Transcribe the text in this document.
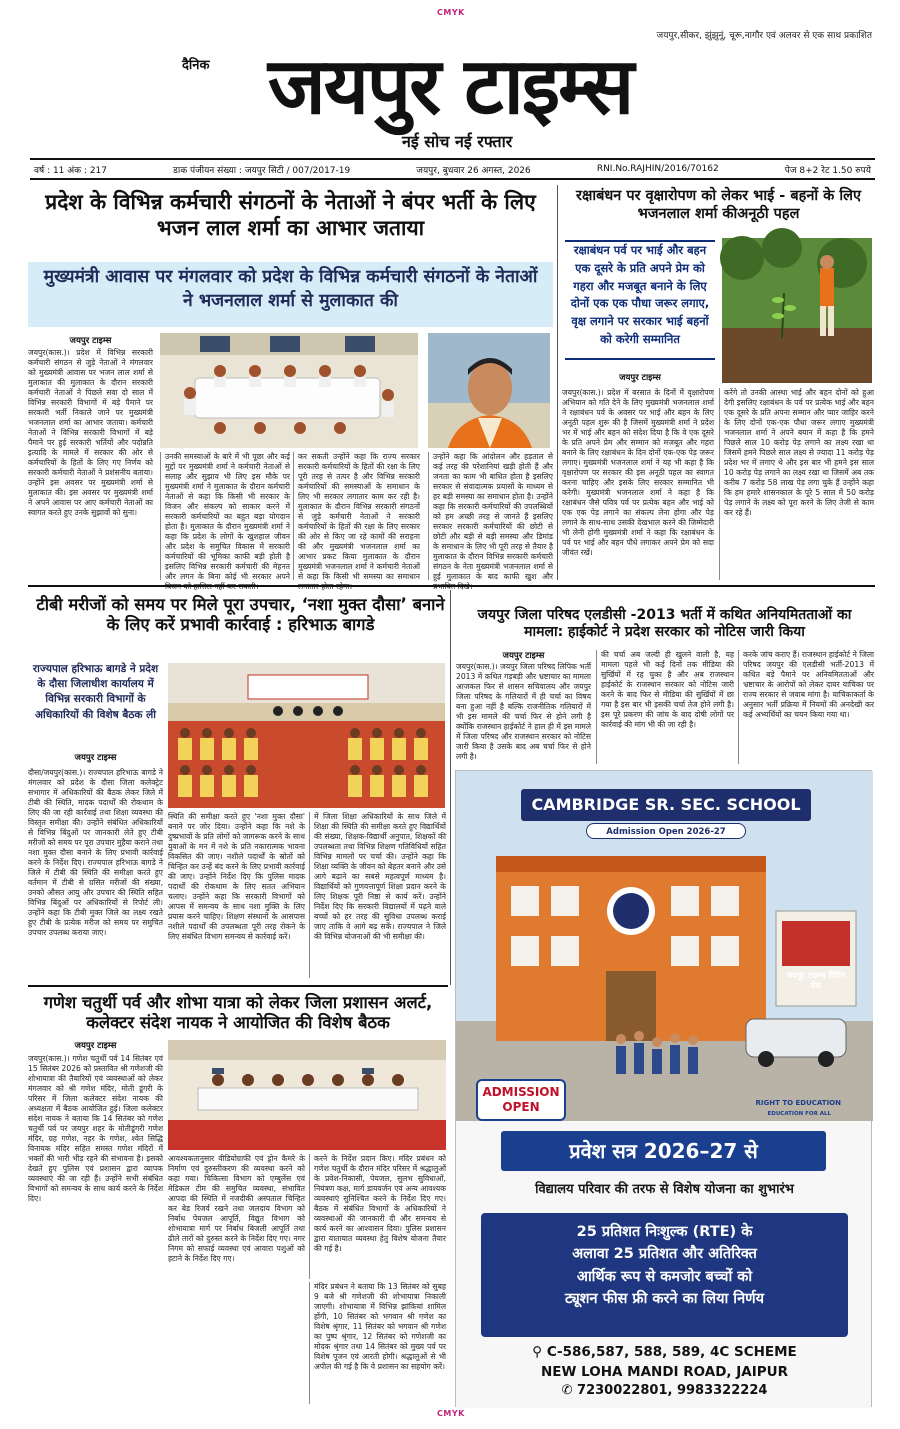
CMYK
CMYK
जयपुर,सीकर, झुंझुनूं, चूरू,नागौर एवं अलवर से एक साथ प्रकाशित
दैनिक जयपुर टाइम्स
नई सोच नई रफ्तार
वर्ष : 11 अंक : 217	डाक पंजीयन संख्या : जयपुर सिटी / 007/2017-19	जयपुर, बुधवार 26 अगस्त, 2026	RNI.No.RAJHIN/2016/70162	पेज 8+2 रेट 1.50 रुपये
प्रदेश के विभिन्न कर्मचारी संगठनों के नेताओं ने बंपर भर्ती के लिए भजन लाल शर्मा का आभार जताया
मुख्यमंत्री आवास पर मंगलवार को प्रदेश के विभिन्न कर्मचारी संगठनों के नेताओं ने भजनलाल शर्मा से मुलाकात की
जयपुर टाइम्स
जयपुर(कास.)। प्रदेश में विभिन्न सरकारी कर्मचारी संगठन से जुड़े नेताओं ने मंगलवार को मुख्यमंत्री आवास पर भजन लाल शर्मा से मुलाकात की मुलाकात के दौरान सरकारी कर्मचारी नेताओं ने पिछले सवा दो साल में विभिन्न सरकारी विभागों में बड़े पैमाने पर सरकारी भर्ती निकाले जाने पर मुख्यमंत्री भजनलाल शर्मा का आभार जताया। कर्मचारी नेताओं ने विभिन्न सरकारी विभागों में बड़े पैमाने पर हुई सरकारी भर्तियों और पदोन्नति इत्यादि के मामले में सरकार की ओर से कर्मचारियों के हितों के लिए गए निर्णय को सरकारी कर्मचारी नेताओं ने प्रशंसनीय बताया। उन्होंने इस अवसर पर मुख्यमंत्री शर्मा से मुलाकात की। इस अवसर पर मुख्यमंत्री शर्मा ने अपने आवास पर आए कर्मचारी नेताओं का स्वागत करते हुए उनके सुझावों को सुना।
उनकी समस्याओं के बारे में भी पूछा और कई मुद्दों पर मुख्यमंत्री शर्मा ने कर्मचारी नेताओं से सलाह और सुझाव भी लिए इस मौके पर मुख्यमंत्री शर्मा ने मुलाकात के दौरान कर्मचारी नेताओं से कहा कि किसी भी सरकार के विजन और संकल्प को साकार करने में सरकारी कर्मचारियों का बहुत बड़ा योगदान होता है। मुलाकात के दौरान मुख्यमंत्री शर्मा ने कहा कि प्रदेश के लोगों के खुशहाल जीवन और प्रदेश के समुचित विकास में सरकारी कर्मचारियों की भूमिका काफी बड़ी होती है इसलिए विभिन्न सरकारी कर्मचारी की मेहनत और लगन के बिना कोई भी सरकार अपने
कर सकती उन्होंने कहा कि राज्य सरकार सरकारी कर्मचारियों के हितों की रक्षा के लिए पूरी तरह से तत्पर है और विभिन्न सरकारी कर्मचारियों की समस्याओं के समाधान के लिए भी सरकार लगातार काम कर रही है। मुलाकात के दौरान विभिन्न सरकारी संगठनों से जुड़े कर्मचारी नेताओं ने सरकारी कर्मचारियों के हितों की रक्षा के लिए सरकार की ओर से किए जा रहे कामों की सराहना की और मुख्यमंत्री भजनलाल शर्मा का आभार प्रकट किया मुलाकात के दौरान मुख्यमंत्री भजनलाल शर्मा ने कर्मचारी नेताओं से कहा कि किसी भी समस्या का समाधान
उन्होंने कहा कि आंदोलन और हड़ताल से कई तरह की परेशानियां खड़ी होती हैं और जनता का काम भी बाधित होता है इसलिए सरकार से संवादात्मक प्रयासों के माध्यम से हर बड़ी समस्या का समाधान होता है। उन्होंने कहा कि सरकारी कर्मचारियों की उपलब्धियों को हम अच्छी तरह से जानते हैं इसलिए सरकार सरकारी कर्मचारियों की छोटी से छोटी और बड़ी से बड़ी समस्या और डिमांड के समाधान के लिए भी पूरी तरह से तैयार है मुलाकात के दौरान विभिन्न सरकारी कर्मचारी संगठन के नेता मुख्यमंत्री भजनलाल शर्मा से हुई मुलाकात के बाद काफी खुश और
रक्षाबंधन पर वृक्षारोपण को लेकर भाई - बहनों के लिए भजनलाल शर्मा कीअनूठी पहल
रक्षाबंधन पर्व पर भाई और बहन एक दूसरे के प्रति अपने प्रेम को गहरा और मजबूत बनाने के लिए दोनों एक एक पौधा जरूर लगाए, वृक्ष लगाने पर सरकार भाई बहनों को करेगी सम्मानित
जयपुर टाइम्स
जयपुर(कास.)। प्रदेश में बरसात के दिनों में वृक्षारोपण अभियान को गति देने के लिए मुख्यमंत्री भजनलाल शर्मा ने रक्षाबंधन पर्व के अवसर पर भाई और बहन के लिए अनूठी पहल शुरू की है जिसमें मुख्यमंत्री शर्मा ने प्रदेश भर में भाई और बहन को संदेश दिया है कि वे एक दूसरे के प्रति अपने प्रेम और सम्मान को मजबूत और गहरा बनाने के लिए रक्षाबंधन के दिन दोनों एक-एक पेड़ जरूर लगाए। मुख्यमंत्री भजनलाल शर्मा ने यह भी कहा है कि वृक्षारोपण पर सरकार की इस अनूठी पहल का स्वागत करना चाहिए और इसके लिए सरकार सम्मानित भी करेगी। मुख्यमंत्री भजनलाल शर्मा ने कहा है कि रक्षाबंधन जैसे पवित्र पर्व पर प्रत्येक बहन और भाई को एक एक पेड़ लगाने का संकल्प लेना होगा और पेड़ लगाने के साथ-साथ उसकी देखभाल करने की जिम्मेदारी भी लेनी होगी मुख्यमंत्री शर्मा ने कहा कि रक्षाबंधन के पर्व पर भाई और बहन पौधे लगाकर अपने प्रेम को सदा जीवंत रखें।
करेंगे तो उनकी आस्था भाई और बहन दोनों को हुआ देगी इसलिए रक्षाबंधन के पर्व पर प्रत्येक भाई और बहन एक दूसरे के प्रति अपना सम्मान और प्यार जाहिर करने के लिए दोनों एक-एक पौधा जरूर लगाए मुख्यमंत्री भजनलाल शर्मा ने अपने बयान में कहा है कि हमने पिछले साल 10 करोड़ पेड़ लगाने का लक्ष्य रखा था जिसमें हमने पिछले साल लक्ष्य से ज्यादा 11 करोड़ पेड़ प्रदेश भर में लगाए थे और इस बार भी हमने इस साल 10 करोड़ पेड़ लगाने का लक्ष्य रखा था जिसमें अब तक करीब 7 करोड़ 58 लाख पेड़ लगा चुके हैं उन्होंने कहा कि हम हमारे शासनकाल के पूरे 5 साल में 50 करोड़ पेड़ लगाने के लक्ष्य को पूरा करने के लिए तेजी से काम कर रहे हैं।
टीबी मरीजों को समय पर मिले पूरा उपचार, ‘नशा मुक्त दौसा’ बनाने के लिए करें प्रभावी कार्रवाई : हरिभाऊ बागडे
राज्यपाल हरिभाऊ बागडे ने प्रदेश के दौसा जिलाधीश कार्यालय में विभिन्न सरकारी विभागों के अधिकारियों की विशेष बैठक ली
जयपुर टाइम्स
दौसा/जयपुर(कास.)। राज्यपाल हरिभाऊ बागडे ने मंगलवार को प्रदेश के दौसा जिला कलेक्ट्रेट सभागार में अधिकारियों की बैठक लेकर जिले में टीबी की स्थिति, मादक पदार्थों की रोकथाम के लिए की जा रही कार्रवाई तथा शिक्षा व्यवस्था की विस्तृत समीक्षा की। उन्होंने संबंधित अधिकारियों से विभिन्न बिंदुओं पर जानकारी लेते हुए टीबी मरीजों को समय पर पूरा उपचार मुहैया कराने तथा नशा मुक्त दौसा बनाने के लिए प्रभावी कार्रवाई करने के निर्देश दिए। राज्यपाल हरिभाऊ बागडे ने जिले में टीबी की स्थिति की समीक्षा करते हुए वर्तमान में टीबी से ग्रसित मरीजों की संख्या, उनको औसत आयु और उपचार की स्थिति सहित विभिन्न बिंदुओं पर अधिकारियों से रिपोर्ट ली। उन्होंने कहा कि टीबी मुक्त जिले का लक्ष्य रखते हुए टीबी के प्रत्येक मरीज को समय पर समुचित उपचार उपलब्ध कराया जाए।
स्थिति की समीक्षा करते हुए 'नशा मुक्त दौसा' बनाने पर जोर दिया। उन्होंने कहा कि नशे के दुष्प्रभावों के प्रति लोगों को जागरूक करने के साथ युवाओं के मन में नशे के प्रति नकारात्मक भावना विकसित की जाए। नशीले पदार्थों के स्रोतों को चिन्हित कर उन्हें बंद करने के लिए प्रभावी कार्रवाई की जाए। उन्होंने निर्देश दिए कि पुलिस मादक पदार्थों की रोकथाम के लिए सतत अभियान चलाए। उन्होंने कहा कि सरकारी विभागों को आपस में समन्वय के साथ नशा मुक्ति के लिए प्रयास करने चाहिए। शिक्षण संस्थानों के आसपास नशीले पदार्थों की उपलब्धता पूरी तरह रोकने के लिए संबंधित विभाग समन्वय से कार्रवाई करें।
में जिला शिक्षा अधिकारियों के साथ जिले में शिक्षा की स्थिति की समीक्षा करते हुए विद्यार्थियों की संख्या, शिक्षक-विद्यार्थी अनुपात, शिक्षकों की उपलब्धता तथा विभिन्न शिक्षण गतिविधियों सहित विभिन्न मामलों पर चर्चा की। उन्होंने कहा कि शिक्षा व्यक्ति के जीवन को बेहतर बनाने और उसे आगे बढ़ाने का सबसे महत्वपूर्ण माध्यम है। विद्यार्थियों को गुणवत्तापूर्ण शिक्षा प्रदान करने के लिए शिक्षक पूरी निष्ठा से कार्य करें। उन्होंने निर्देश दिए कि सरकारी विद्यालयों में पढ़ने वाले बच्चों को हर तरह की सुविधा उपलब्ध कराई जाए ताकि वे आगे बढ़ सकें। राज्यपाल ने जिले की विभिन्न योजनाओं की भी समीक्षा की।
जयपुर जिला परिषद एलडीसी -2013 भर्ती में कथित अनियमितताओं का मामला: हाईकोर्ट ने प्रदेश सरकार को नोटिस जारी किया
जयपुर टाइम्स
जयपुर(कास.)। जयपुर जिला परिषद लिपिक भर्ती 2013 में कथित गड़बड़ी और भ्रष्टाचार का मामला आजकल फिर से शासन सचिवालय और जयपुर जिला परिषद के गलियारों में ही चर्चा का विषय बना हुआ नहीं है बल्कि राजनीतिक गलियारों में भी इस मामले की चर्चा फिर से होने लगी है क्योंकि राजस्थान हाईकोर्ट ने हाल ही में इस मामले में जिला परिषद और राजस्थान सरकार को नोटिस जारी किया है उसके बाद अब चर्चा फिर से होने लगी है।
की चर्चा अब जल्दी ही खुलने वाली है, यह मामला पहले भी कई दिनों तक मीडिया की सुर्खियों में रह चुका है और अब राजस्थान हाईकोर्ट के राजस्थान सरकार को नोटिस जारी करने के बाद फिर से मीडिया की सुर्खियों में छा गया है इस बार भी इसकी चर्चा तेज होने लगी है। इस पूरे प्रकरण की जांच के बाद दोषी लोगों पर कार्रवाई की मांग भी की जा रही है।
करके जांच कराए हैं। राजस्थान हाईकोर्ट ने जिला परिषद जयपुर की एलडीसी भर्ती-2013 में कथित बड़े पैमाने पर अनियमितताओं और भ्रष्टाचार के आरोपों को लेकर दायर याचिका पर राज्य सरकार से जवाब मांगा है। याचिकाकर्ता के अनुसार भर्ती प्रक्रिया में नियमों की अनदेखी कर कई अभ्यर्थियों का चयन किया गया था।
गणेश चतुर्थी पर्व और शोभा यात्रा को लेकर जिला प्रशासन अलर्ट, कलेक्टर संदेश नायक ने आयोजित की विशेष बैठक
जयपुर टाइम्स
जयपुर(कास.)। गणेश चतुर्थी पर्व 14 सितंबर एवं 15 सितंबर 2026 को प्रस्तावित श्री गणेशजी की शोभायात्रा की तैयारियों एवं व्यवस्थाओं को लेकर मंगलवार को श्री गणेश मंदिर, मोती डूंगरी के परिसर में जिला कलेक्टर संदेश नायक की अध्यक्षता में बैठक आयोजित हुई। जिला कलेक्टर संदेश नायक ने बताया कि 14 सितंबर को गणेश चतुर्थी पर्व पर जयपुर शहर के मोतीडूंगरी गणेश मंदिर, ग्रह गणेश, नहर के गणेश, श्वेत सिद्धि विनायक मंदिर सहित समस्त गणेश मंदिरों में भक्तों की भारी भीड़ रहने की संभावना है। इसको देखते हुए पुलिस एवं प्रशासन द्वारा व्यापक व्यवस्थाएं की जा रही हैं। उन्होंने सभी संबंधित विभागों को समन्वय के साथ कार्य करने के निर्देश दिए।
आवश्यकतानुसार वीडियोग्राफी एवं ड्रोन कैमरे के निर्माण एवं दुरुस्तीकरण की व्यवस्था करने को कहा गया। चिकित्सा विभाग को एम्बुलेंस एवं मेडिकल टीम की समुचित व्यवस्था, संभावित आपदा की स्थिति में नजदीकी अस्पताल चिन्हित कर बेड रिजर्व रखने तथा जलदाय विभाग को निर्बाध पेयजल आपूर्ति, विद्युत विभाग को शोभायात्रा मार्ग पर निर्बाध बिजली आपूर्ति तथा ढीले तारों को दुरुस्त करने के निर्देश दिए गए। नगर निगम को सफाई व्यवस्था एवं आवारा पशुओं को हटाने के निर्देश दिए गए।
करने के निर्देश प्रदान किए। मंदिर प्रबंधन को गणेश चतुर्थी के दौरान मंदिर परिसर में श्रद्धालुओं के प्रवेश-निकासी, पेयजल, सुलभ सुविधाओं, नियंत्रण कक्ष, मार्ग डायवर्जन एवं अन्य आवश्यक व्यवस्थाएं सुनिश्चित करने के निर्देश दिए गए। बैठक में संबंधित विभागों के अधिकारियों ने व्यवस्थाओं की जानकारी दी और समन्वय से कार्य करने का आश्वासन दिया। पुलिस प्रशासन द्वारा यातायात व्यवस्था हेतु विशेष योजना तैयार की गई है।
मंदिर प्रबंधन ने बताया कि 13 सितंबर को सुबह 9 बजे श्री गणेशजी की शोभायात्रा निकाली जाएगी। शोभायात्रा में विभिन्न झांकियां शामिल होंगी, 10 सितंबर को भगवान श्री गणेश का विशेष श्रृंगार, 11 सितंबर को भगवान श्री गणेश का पुष्प श्रृंगार, 12 सितंबर को गणेशजी का मोदक श्रृंगार तथा 14 सितंबर को मुख्य पर्व पर विशेष पूजन एवं आरती होगी। श्रद्धालुओं से भी अपील की गई है कि वे प्रशासन का सहयोग करें।
CAMBRIDGE SR. SEC. SCHOOL
Admission Open 2026-27
जयपुर टाइम्स प्रिंटिंग प्रेस
ADMISSION OPEN	RIGHT TO EDUCATION
EDUCATION FOR ALL
प्रवेश सत्र 2026–27 से
विद्यालय परिवार की तरफ से विशेष योजना का शुभारंभ
25 प्रतिशत निःशुल्क (RTE) के
अलावा 25 प्रतिशत और अतिरिक्त
आर्थिक रूप से कमजोर बच्चों को
ट्यूशन फीस फ्री करने का लिया निर्णय
⚲ C-586,587, 588, 589, 4C SCHEME
NEW LOHA MANDI ROAD, JAIPUR
✆ 7230022801, 9983322224
